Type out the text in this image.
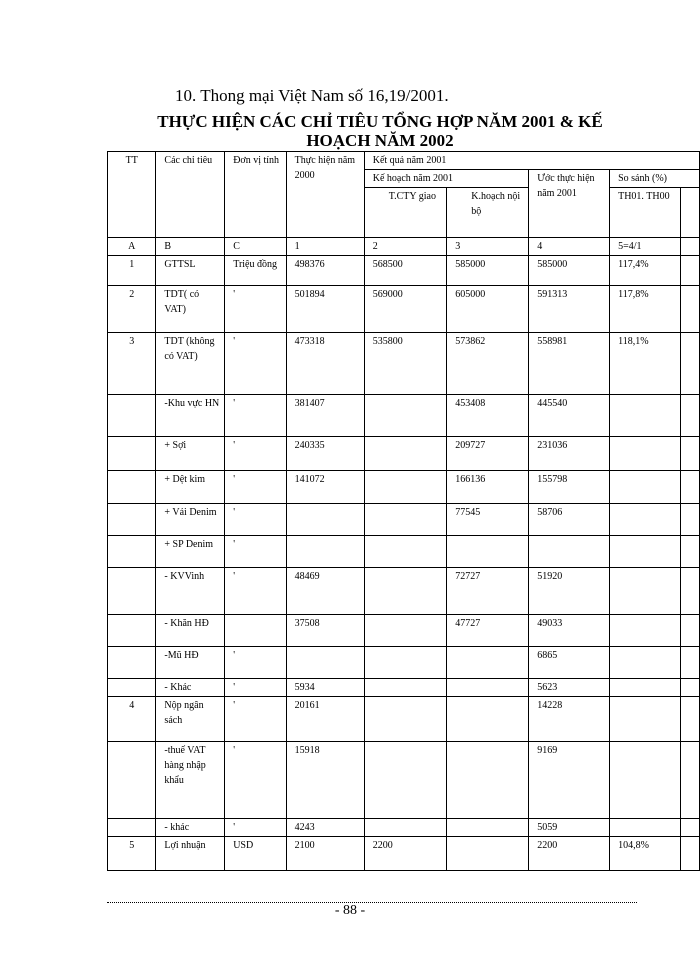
10. Thong mại Việt Nam số 16,19/2001.
THỰC HIỆN CÁC CHỈ TIÊU TỔNG HỢP NĂM 2001 & KẾ
HOẠCH NĂM 2002
TT	Các chỉ tiêu	Đơn vị tính	Thực hiện năm 2000	Kết quả năm 2001				
				Kế hoạch năm 2001		Ước thực hiện năm 2001	So sánh (%)	
				T.CTY giao	K.hoạch nội bộ		TH01. TH00	
A	B	C	1	2	3	4	5=4/1	
1	GTTSL	Triệu đồng	498376	568500	585000	585000	117,4%	
2	TDT( có VAT)	'	501894	569000	605000	591313	117,8%	
3	TDT (không có VAT)	'	473318	535800	573862	558981	118,1%	
	-Khu vực HN	'	381407		453408	445540		
	+ Sợi	'	240335		209727	231036		
	+ Dệt kim	'	141072		166136	155798		
	+ Vải Denim	'			77545	58706		
	+ SP Denim	'						
	- KVVinh	'	48469		72727	51920		
	- Khăn HĐ		37508		47727	49033		
	-Mũ HĐ	'				6865		
	- Khác	'	5934			5623		
4	Nộp ngân sách	'	20161			14228		
	-thuế VAT hàng nhập khẩu	'	15918			9169		
	- khác	'	4243			5059		
5	Lợi nhuận	USD	2100	2200		2200	104,8%	
- 88 -
